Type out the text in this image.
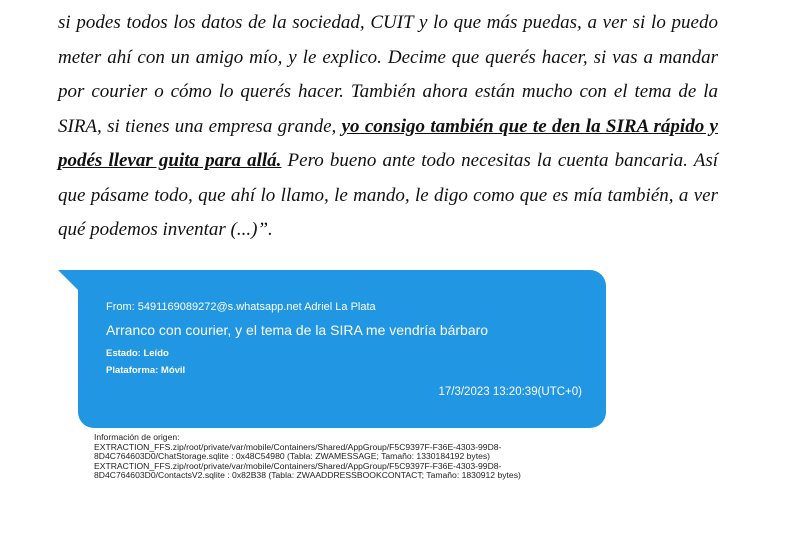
si podes todos los datos de la sociedad, CUIT y lo que más puedas, a ver si lo puedo meter ahí con un amigo mío, y le explico. Decime que querés hacer, si vas a mandar por courier o cómo lo querés hacer. También ahora están mucho con el tema de la SIRA, si tienes una empresa grande, yo consigo también que te den la SIRA rápido y podés llevar guita para allá. Pero bueno ante todo necesitas la cuenta bancaria. Así que pásame todo, que ahí lo llamo, le mando, le digo como que es mía también, a ver qué podemos inventar (...)”.

From: 5491169089272@s.whatsapp.net Adriel La Plata
Arranco con courier, y el tema de la SIRA me vendría bárbaro
Estado: Leído
Plataforma: Móvil
17/3/2023 13:20:39(UTC+0)
Información de origen:
EXTRACTION_FFS.zip/root/private/var/mobile/Containers/Shared/AppGroup/F5C9397F-F36E-4303-99D8-
8D4C764603D0/ChatStorage.sqlite : 0x48C54980 (Tabla: ZWAMESSAGE; Tamaño: 1330184192 bytes)
EXTRACTION_FFS.zip/root/private/var/mobile/Containers/Shared/AppGroup/F5C9397F-F36E-4303-99D8-
8D4C764603D0/ContactsV2.sqlite : 0x82B38 (Tabla: ZWAADDRESSBOOKCONTACT; Tamaño: 1830912 bytes)
